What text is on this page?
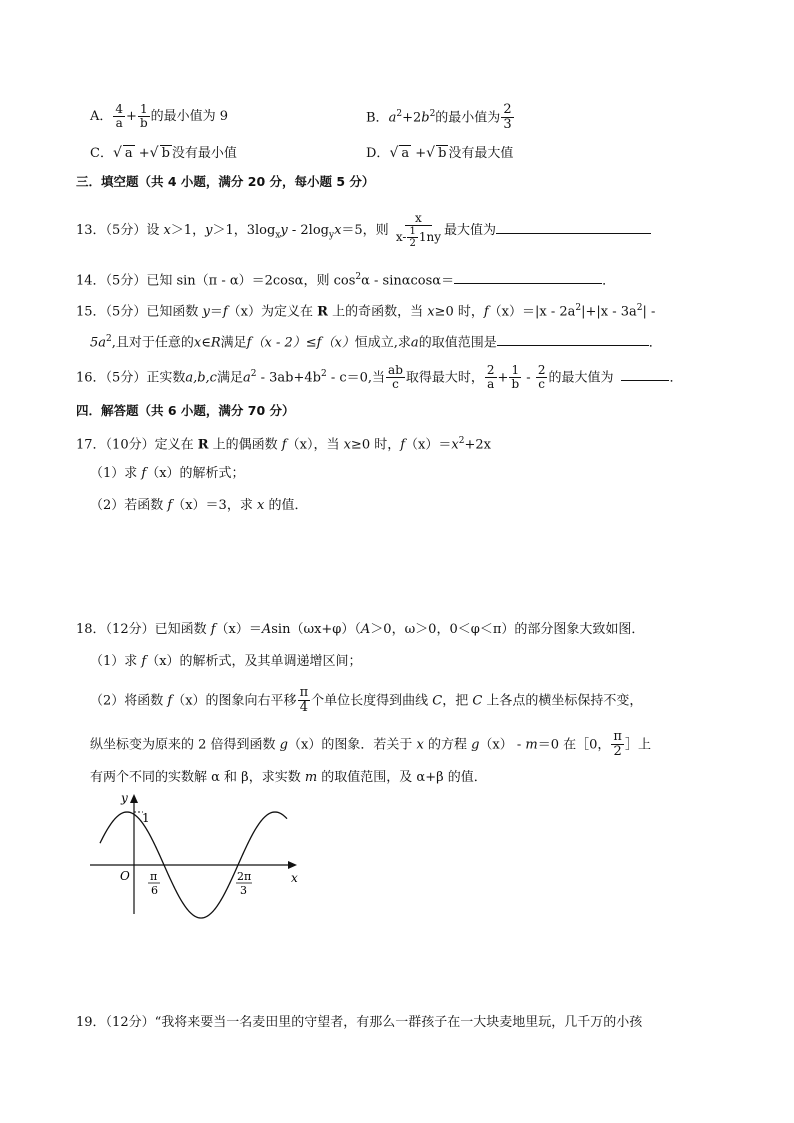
A． $\frac{4}{a} + \frac{1}{b}$ 的最小值为 9	B．$a^2+2b^2$的最小值为 $\frac{2}{3}$
C．√ a +√ b 没有最小值	D．√ a +√ b 没有最大值
三．填空题（共 4 小题，满分 20 分，每小题 5 分）
13．（5分）设 x＞1，y＞1，$3\log_xy - 2\log_yx=5$，则 $\frac{x}{x- \frac{1}{2} 1ny}$ 最大值为
14．（5分）已知 sin（π - α）＝2cosα，则 $\cos^2\alpha - \sin\alpha\cos\alpha=$	．
15．（5分）已知函数 y＝f（x）为定义在 R 上的奇函数，当 x≥0 时，$f(x)=|x - 2a^2|+|x - 3a^2|$ -
$5a^2$,且对于任意的x∈R满足f（x - 2）≤f（x）恒成立,求a的取值范围是	．
16．（5分）正实数a,b,c满足$a^2 - 3ab+4b^2 - c=0$,当 $\frac{ab}{c}$ 取得最大时， $\frac{2}{a} + \frac{1}{b} - \frac{2}{c}$ 的最大值为	．
四．解答题（共 6 小题，满分 70 分）
17．（10分）定义在 R 上的偶函数 f（x），当 x≥0 时，$f(x)=x^2+2x$
（1）求 f（x）的解析式；
（2）若函数 f（x）＝3，求 x 的值．
18．（12分）已知函数 f（x）＝Asin（ωx+φ）（A＞0，ω＞0，0＜φ＜π）的部分图象大致如图．
（1）求 f（x）的解析式，及其单调递增区间；
（2）将函数 f（x）的图象向右平移 $\frac{\pi}{4}$ 个单位长度得到曲线 C，把 C 上各点的横坐标保持不变，
纵坐标变为原来的 2 倍得到函数 g（x）的图象．若关于 x 的方程 g（x） - m＝0 在［0， $\frac{\pi}{2}$ ］上
有两个不同的实数解 α 和 β，求实数 m 的取值范围，及 α+β 的值．
y
x
O
1
π
6
2π
3
19．（12分）“我将来要当一名麦田里的守望者，有那么一群孩子在一大块麦地里玩，几千万的小孩
